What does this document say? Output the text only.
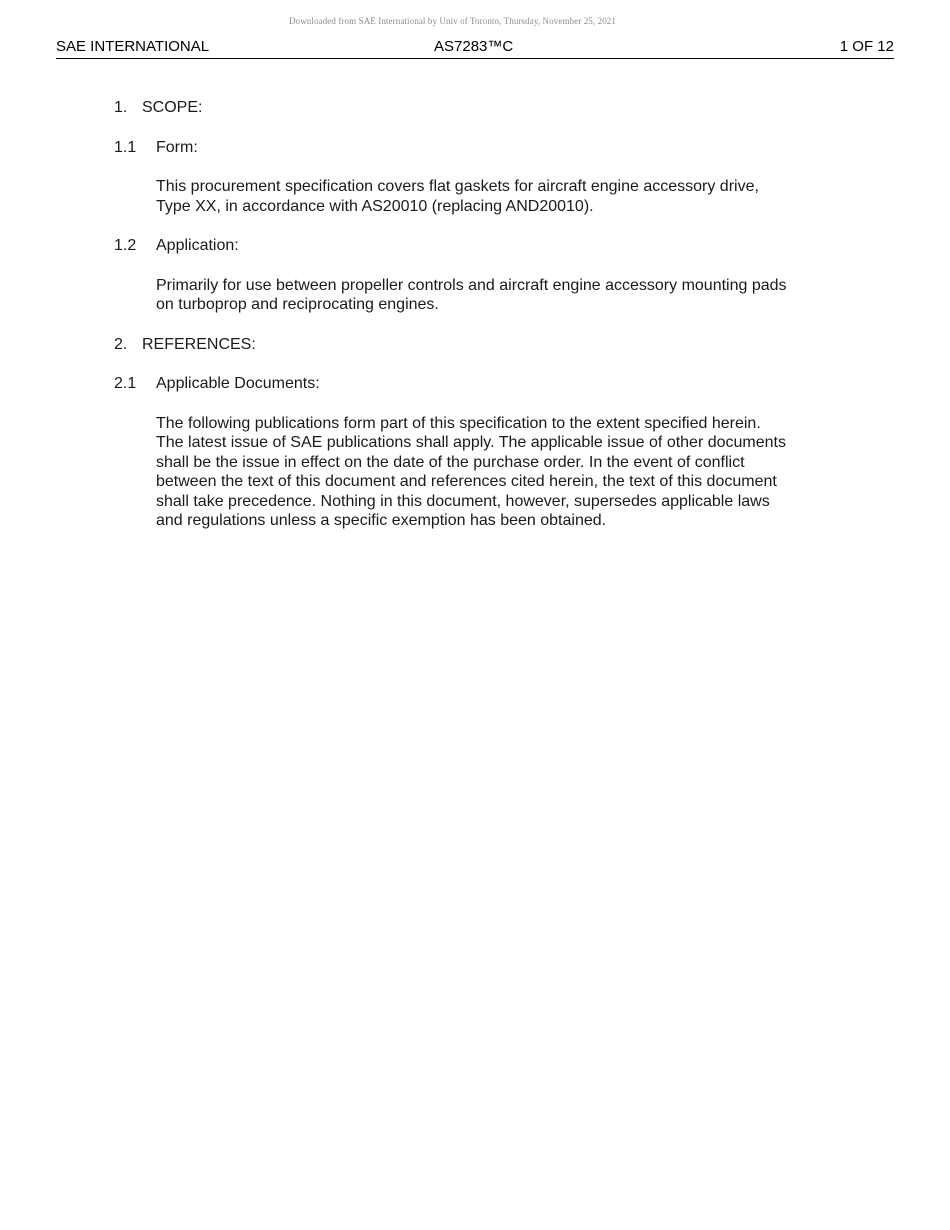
Downloaded from SAE International by Univ of Toronto, Thursday, November 25, 2021
SAE INTERNATIONAL	AS7283™C	1 OF 12
1. SCOPE:
1.1	Form:
This procurement specification covers flat gaskets for aircraft engine accessory drive,
Type XX, in accordance with AS20010 (replacing AND20010).
1.2	Application:
Primarily for use between propeller controls and aircraft engine accessory mounting pads
on turboprop and reciprocating engines.
2. REFERENCES:
2.1	Applicable Documents:
The following publications form part of this specification to the extent specified herein.
The latest issue of SAE publications shall apply. The applicable issue of other documents
shall be the issue in effect on the date of the purchase order. In the event of conflict
between the text of this document and references cited herein, the text of this document
shall take precedence. Nothing in this document, however, supersedes applicable laws
and regulations unless a specific exemption has been obtained.
